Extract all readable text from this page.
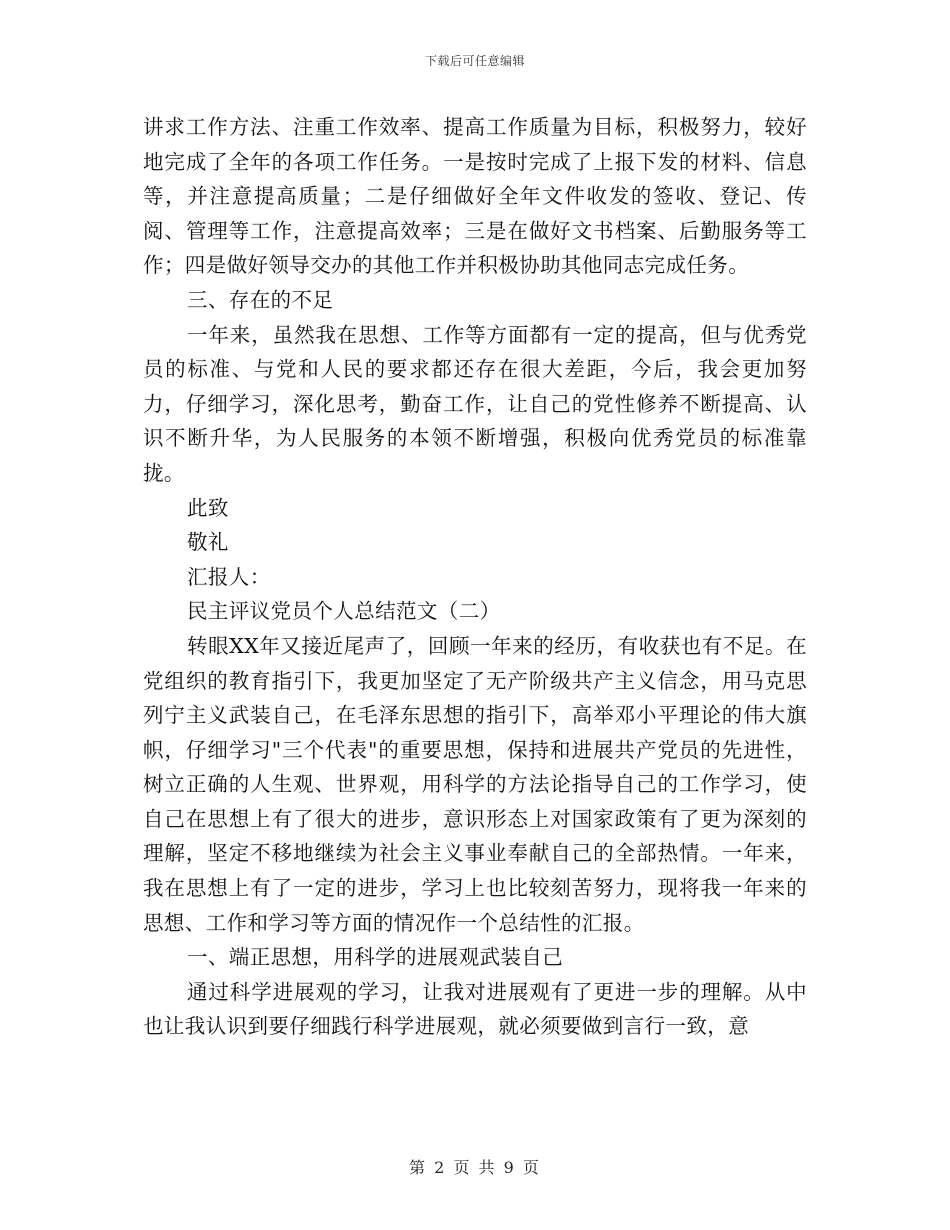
下载后可任意编辑

讲求工作方法、注重工作效率、提高工作质量为目标，积极努力，较好地完成了全年的各项工作任务。一是按时完成了上报下发的材料、信息等，并注意提高质量；二是仔细做好全年文件收发的签收、登记、传阅、管理等工作，注意提高效率；三是在做好文书档案、后勤服务等工作；四是做好领导交办的其他工作并积极协助其他同志完成任务。

三、存在的不足

一年来，虽然我在思想、工作等方面都有一定的提高，但与优秀党员的标准、与党和人民的要求都还存在很大差距，今后，我会更加努力，仔细学习，深化思考，勤奋工作，让自己的党性修养不断提高、认识不断升华，为人民服务的本领不断增强，积极向优秀党员的标准靠拢。

此致

敬礼

汇报人：

民主评议党员个人总结范文（二）

转眼XX年又接近尾声了，回顾一年来的经历，有收获也有不足。在党组织的教育指引下，我更加坚定了无产阶级共产主义信念，用马克思列宁主义武装自己，在毛泽东思想的指引下，高举邓小平理论的伟大旗帜，仔细学习"三个代表"的重要思想，保持和进展共产党员的先进性，树立正确的人生观、世界观，用科学的方法论指导自己的工作学习，使自己在思想上有了很大的进步，意识形态上对国家政策有了更为深刻的理解，坚定不移地继续为社会主义事业奉献自己的全部热情。一年来，我在思想上有了一定的进步，学习上也比较刻苦努力，现将我一年来的思想、工作和学习等方面的情况作一个总结性的汇报。

一、端正思想，用科学的进展观武装自己

通过科学进展观的学习，让我对进展观有了更进一步的理解。从中也让我认识到要仔细践行科学进展观，就必须要做到言行一致，意

第 2 页 共 9 页
